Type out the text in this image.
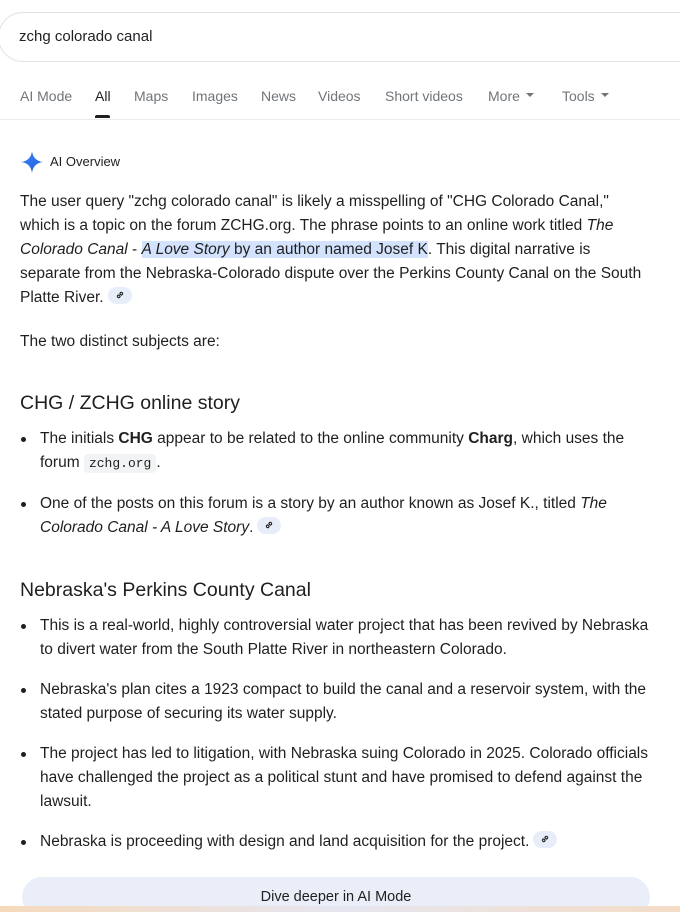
zchg colorado canal
AI Mode All Maps Images News Videos Short videos More	Tools
AI Overview
The user query "zchg colorado canal" is likely a misspelling of "CHG Colorado Canal," which is a topic on the forum ZCHG.org. The phrase points to an online work titled The Colorado Canal - A Love Story by an author named Josef K. This digital narrative is separate from the Nebraska-Colorado dispute over the Perkins County Canal on the South Platte River.
The two distinct subjects are:
CHG / ZCHG online story
The initials CHG appear to be related to the online community Charg, which uses the forum zchg.org .
One of the posts on this forum is a story by an author known as Josef K., titled The Colorado Canal - A Love Story.
Nebraska's Perkins County Canal
This is a real-world, highly controversial water project that has been revived by Nebraska to divert water from the South Platte River in northeastern Colorado.
Nebraska's plan cites a 1923 compact to build the canal and a reservoir system, with the stated purpose of securing its water supply.
The project has led to litigation, with Nebraska suing Colorado in 2025. Colorado officials have challenged the project as a political stunt and have promised to defend against the lawsuit.
Nebraska is proceeding with design and land acquisition for the project.
Dive deeper in AI Mode
